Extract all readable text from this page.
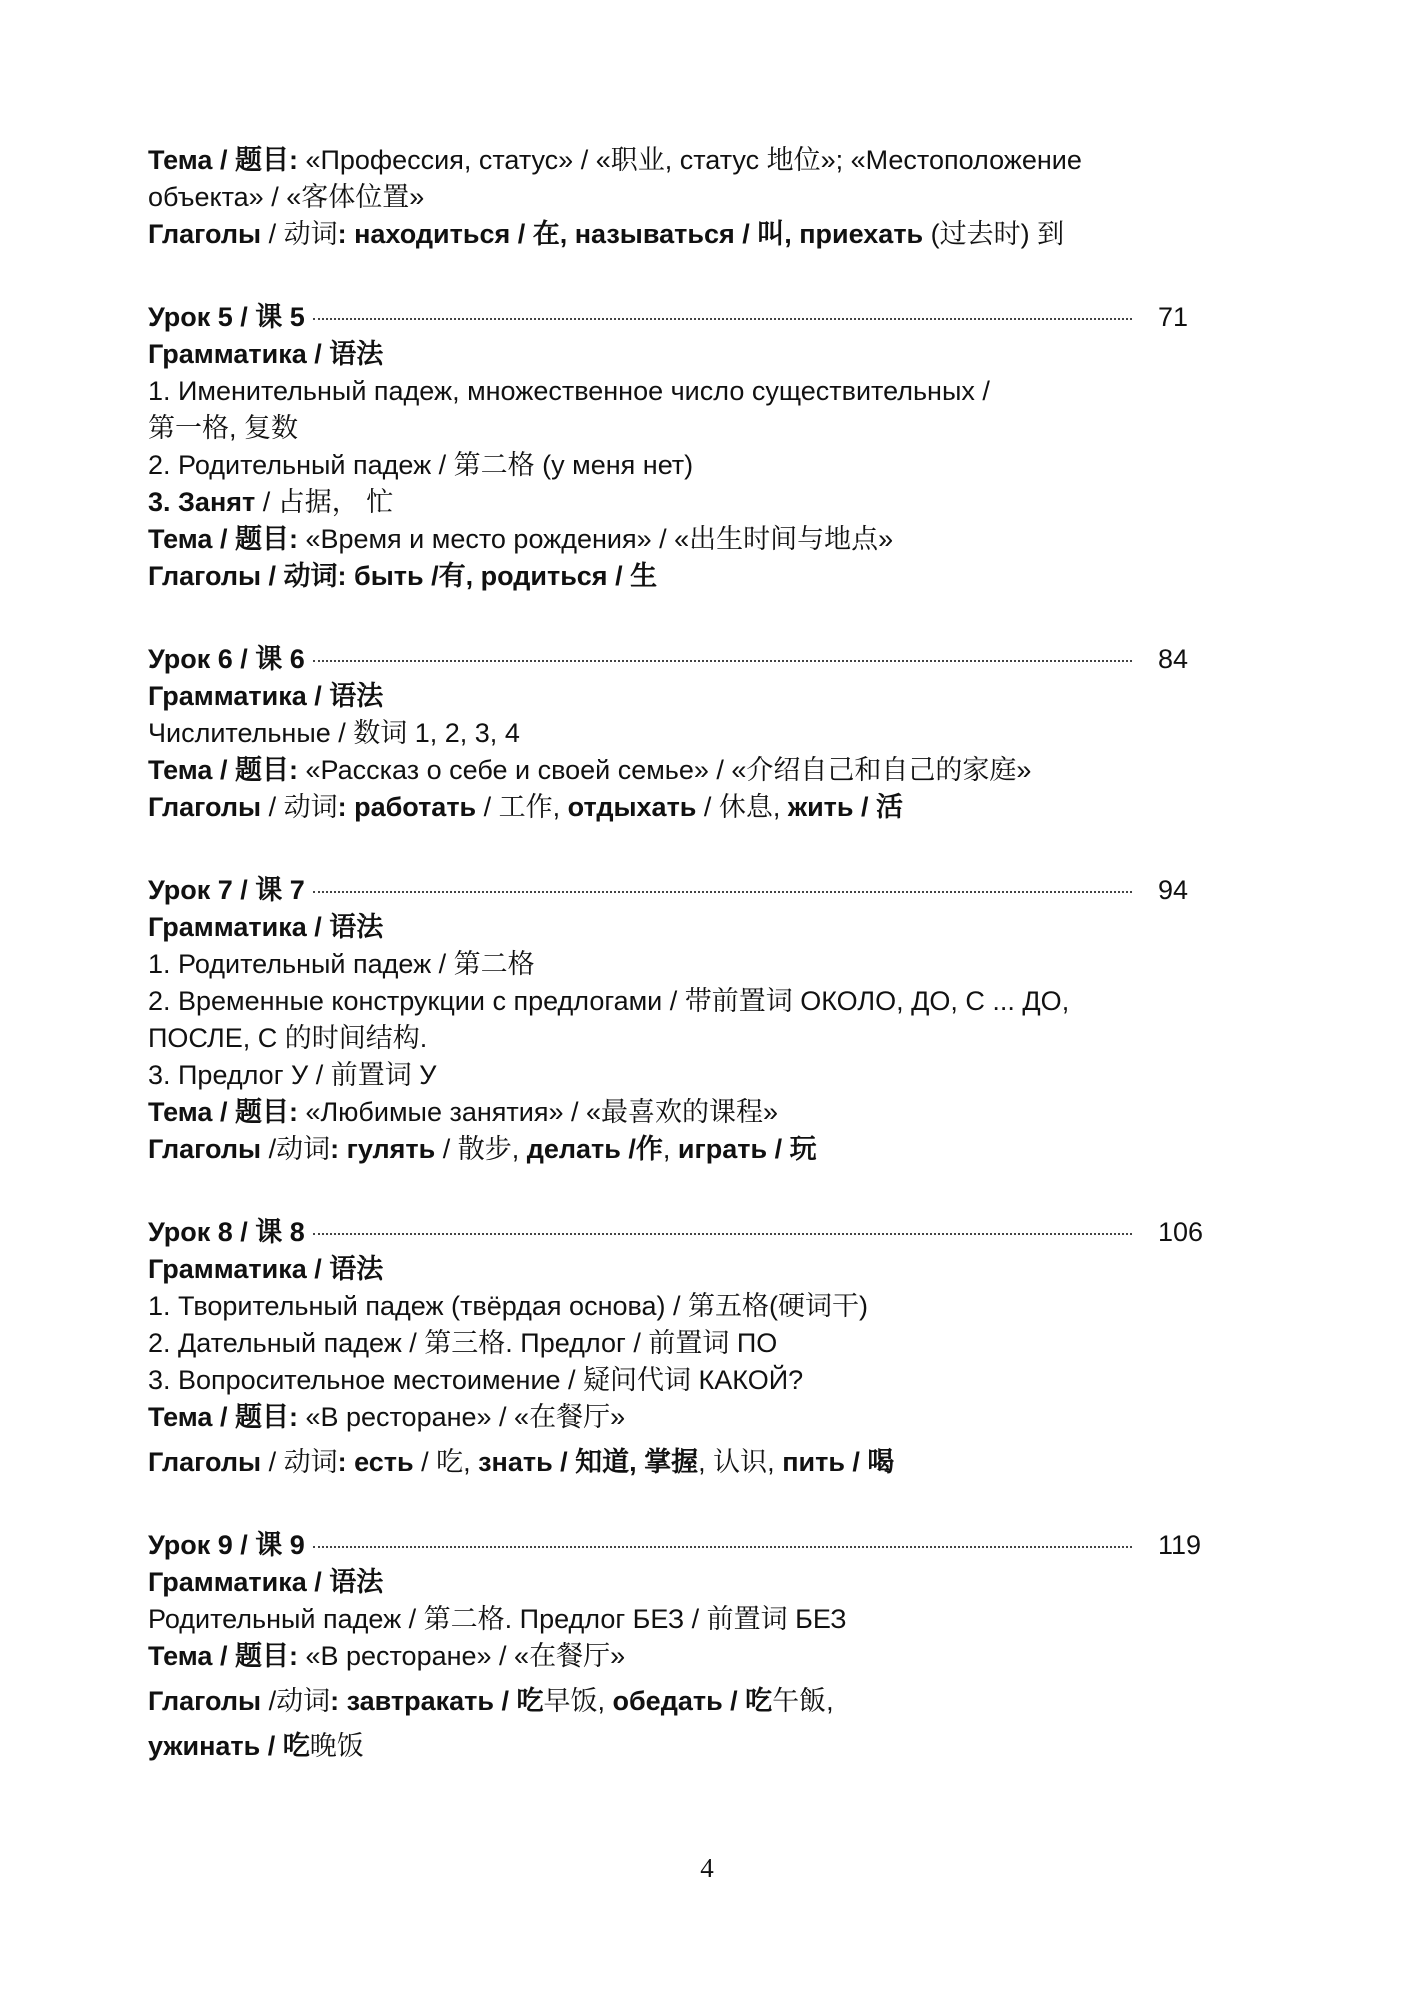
Тема / 题目: «Профессия, статус» / «职业, статус 地位»; «Местоположение
объекта» / «客体位置»
Глаголы / 动词: находиться / 在, называться / 叫, приехать (过去时) 到
Урок 5 / 课 5	71
Грамматика / 语法
1. Именительный падеж, множественное число существительных /
第一格, 复数
2. Родительный падеж / 第二格 (у меня нет)
3. Занят / 占据， 忙
Тема / 题目: «Время и место рождения» / «出生时间与地点»
Глаголы / 动词: быть /有, родиться / 生
Урок 6 / 课 6	84
Грамматика / 语法
Числительные / 数词 1, 2, 3, 4
Тема / 题目: «Рассказ о себе и своей семье» / «介绍自己和自己的家庭»
Глаголы / 动词: работать / 工作, отдыхать / 休息, жить / 活
Урок 7 / 课 7	94
Грамматика / 语法
1. Родительный падеж / 第二格
2. Временные конструкции с предлогами / 带前置词 ОКОЛО, ДО, С ... ДО,
ПОСЛЕ, С 的时间结构.
3. Предлог У / 前置词 У
Тема / 题目: «Любимые занятия» / «最喜欢的课程»
Глаголы /动词: гулять / 散步, делать /作, играть / 玩
Урок 8 / 课 8	106
Грамматика / 语法
1. Творительный падеж (твёрдая основа) / 第五格(硬词干)
2. Дательный падеж / 第三格. Предлог / 前置词 ПО
3. Вопросительное местоимение / 疑问代词 КАКОЙ?
Тема / 题目: «В ресторане» / «在餐厅»
Глаголы / 动词: есть / 吃, знать / 知道, 掌握, 认识, пить / 喝
Урок 9 / 课 9	119
Грамматика / 语法
Родительный падеж / 第二格. Предлог БЕЗ / 前置词 БЕЗ
Тема / 题目: «В ресторане» / «在餐厅»
Глаголы /动词: завтракать / 吃早饭, обедать / 吃午飯,
ужинать / 吃晚饭
4
